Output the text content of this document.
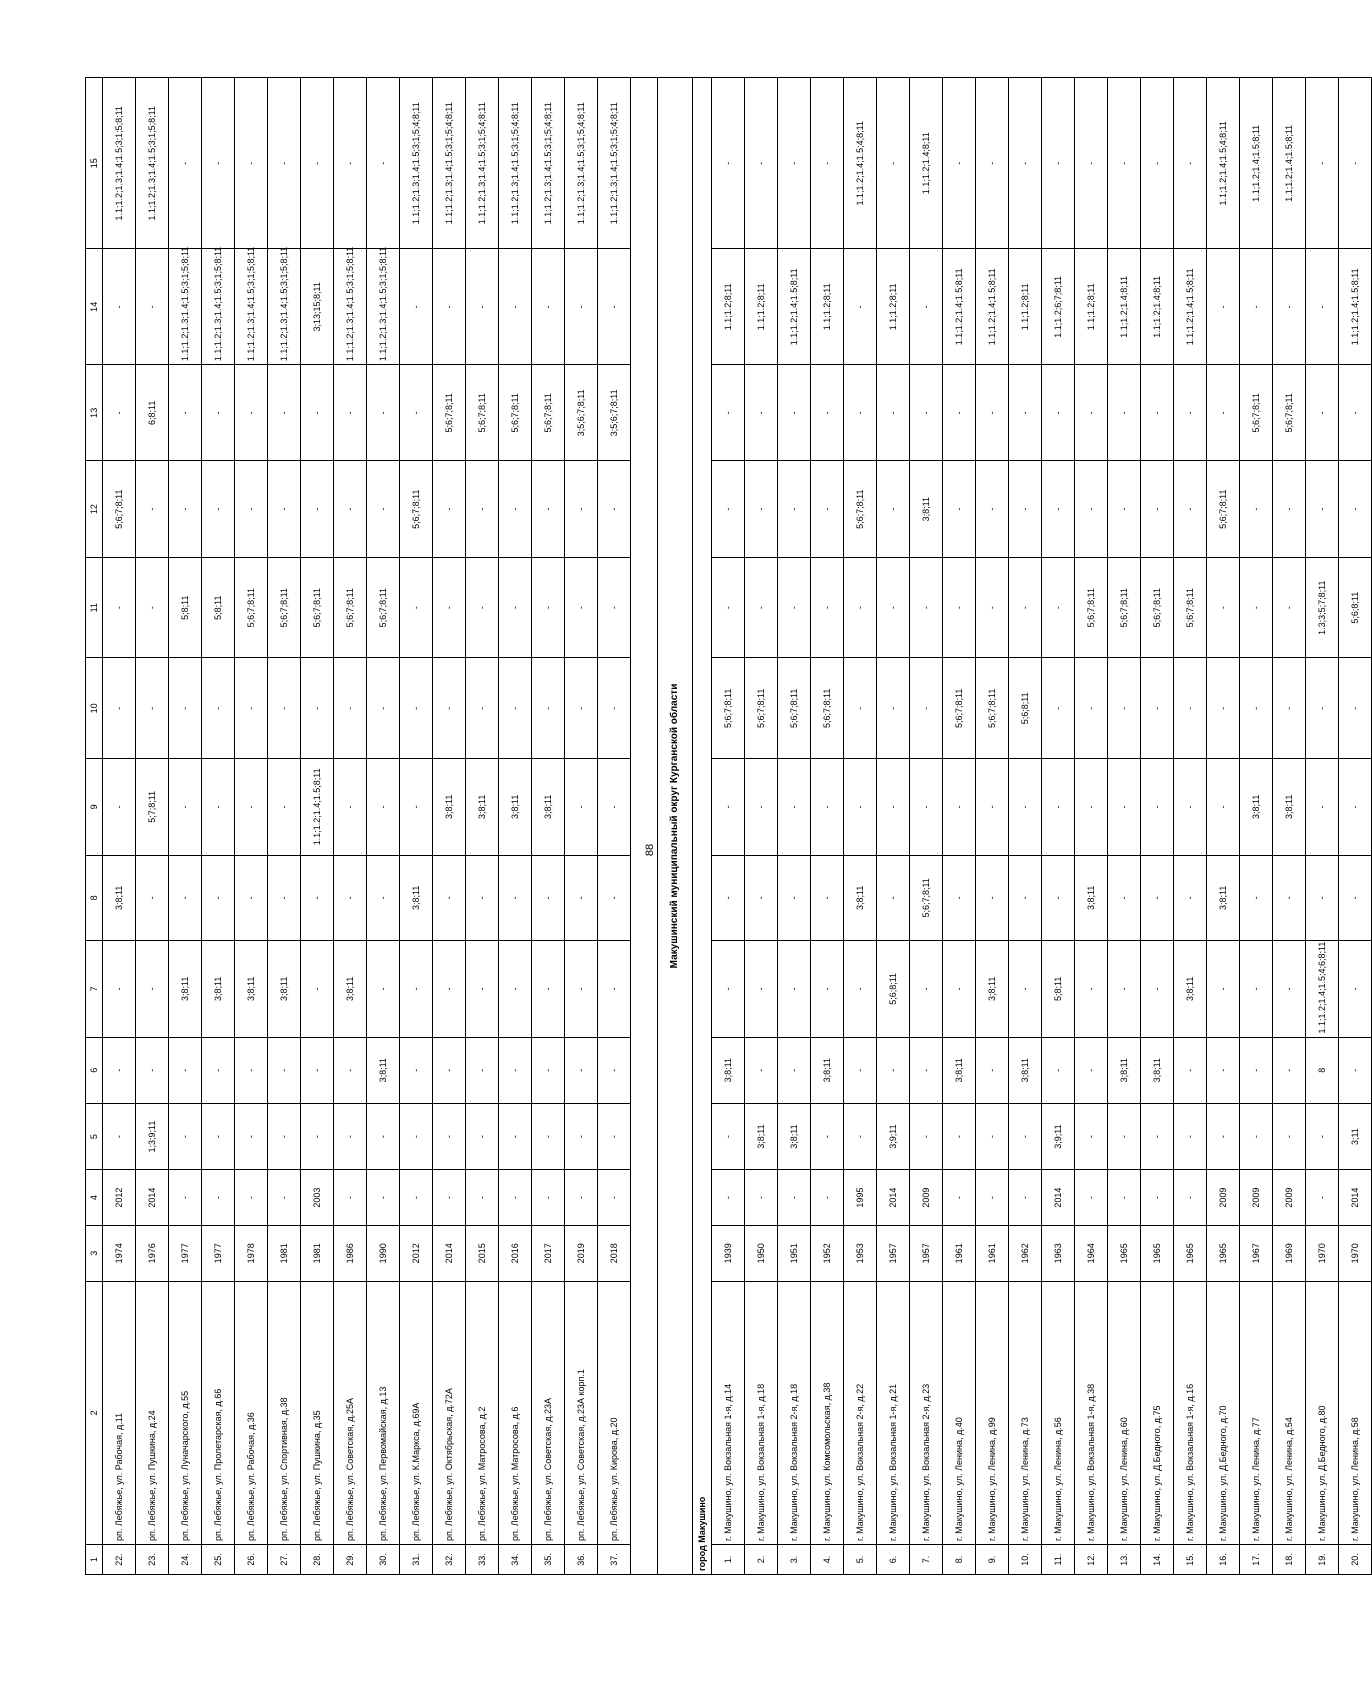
88
1	2	3	4	5	6	7	8	9	10	11	12	13	14	15
22.	рп. Лебяжье, ул. Рабочая, д.11	1974	2012	-	-	-	3;8;11	-	-	-	5;6;7;8;11	-	-	1.1;1.2;1.3;1.4;1.5;3;1;5;8;11
23.	рп. Лебяжье, ул. Пушкина, д.24	1976	2014	1;3;9;11	-	-	-	5;7;8;11	-	-	-	6;8;11	-	1.1;1.2;1.3;1.4;1.5;3;1;5;8;11
24.	рп. Лебяжье, ул. Луначарского, д.55	1977	-	-	-	3;8;11	-	-	-	5;8;11	-	-	1.1;1.2;1.3;1.4;1.5;3;1;5;8;11	-
25.	рп. Лебяжье, ул. Пролетарская, д.66	1977	-	-	-	3;8;11	-	-	-	5;8;11	-	-	1.1;1.2;1.3;1.4;1.5;3;1;5;8;11	-
26.	рп. Лебяжье, ул. Рабочая, д.36	1978	-	-	-	3;8;11	-	-	-	5;6;7;8;11	-	-	1.1;1.2;1.3;1.4;1.5;3;1;5;8;11	-
27.	рп. Лебяжье, ул. Спортивная, д.38	1981	-	-	-	3;8;11	-	-	-	5;6;7;8;11	-	-	1.1;1.2;1.3;1.4;1.5;3;1;5;8;11	-
28.	рп. Лебяжье, ул. Пушкина, д.35	1981	2003	-	-	-	-	1.1;1.2;1.4;1.5;8;11	-	5;6;7;8;11	-	-	3;13;15;8;11	-
29.	рп. Лебяжье, ул. Советская, д.25А	1986	-	-	-	3;8;11	-	-	-	5;6;7;8;11	-	-	1.1;1.2;1.3;1.4;1.5;3;1;5;8;11	-
30.	рп. Лебяжье, ул. Первомайская, д.13	1990	-	-	3;8;11	-	-	-	-	5;6;7;8;11	-	-	1.1;1.2;1.3;1.4;1.5;3;1;5;8;11	-
31.	рп. Лебяжье, ул. К.Маркса, д.69А	2012	-	-	-	-	3;8;11	-	-	-	5;6;7;8;11	-	-	1.1;1.2;1.3;1.4;1.5;3;1;5;4;8;11
32.	рп. Лебяжье, ул. Октябрьская, д.72А	2014	-	-	-	-	-	3;8;11	-	-	-	5;6;7;8;11	-	1.1;1.2;1.3;1.4;1.5;3;1;5;4;8;11
33.	рп. Лебяжье, ул. Матросова, д.2	2015	-	-	-	-	-	3;8;11	-	-	-	5;6;7;8;11	-	1.1;1.2;1.3;1.4;1.5;3;1;5;4;8;11
34.	рп. Лебяжье, ул. Матросова, д.6	2016	-	-	-	-	-	3;8;11	-	-	-	5;6;7;8;11	-	1.1;1.2;1.3;1.4;1.5;3;1;5;4;8;11
35.	рп. Лебяжье, ул. Советская, д.23А	2017	-	-	-	-	-	3;8;11	-	-	-	5;6;7;8;11	-	1.1;1.2;1.3;1.4;1.5;3;1;5;4;8;11
36.	рп. Лебяжье, ул. Советская, д.23А корп.1	2019	-	-	-	-	-	-	-	-	-	3;5;6;7;8;11	-	1.1;1.2;1.3;1.4;1.5;3;1;5;4;8;11
37.	рп. Лебяжье, ул. Кирова, д.20	2018	-	-	-	-	-	-	-	-	-	3;5;6;7;8;11	-	1.1;1.2;1.3;1.4;1.5;3;1;5;4;8;11

Макушинский муниципальный округ Курганской области														
город Макушино														
1.	г. Макушино, ул. Вокзальная 1-я, д.14	1939	-	-	3;8;11	-	-	-	5;6;7;8;11	-	-	-	1.1;1.2;8;11	-
2.	г. Макушино, ул. Вокзальная 1-я, д.18	1950	-	3;8;11	-	-	-	-	5;6;7;8;11	-	-	-	1.1;1.2;8;11	-
3.	г. Макушино, ул. Вокзальная 2-я, д.18	1951	-	3;8;11	-	-	-	-	5;6;7;8;11	-	-	-	1.1;1.2;1.4;1.5;8;11	-
4.	г. Макушино, ул. Комсомольская, д.38	1952	-	-	3;8;11	-	-	-	5;6;7;8;11	-	-	-	1.1;1.2;8;11	-
5.	г. Макушино, ул. Вокзальная 2-я, д.22	1953	1995	-	-	-	3;8;11	-	-	-	5;6;7;8;11	-	-	1.1;1.2;1.4;1.5;4;8;11
6.	г. Макушино, ул. Вокзальная 1-я, д.21	1957	2014	3;9;11	-	5;6;8;11	-	-	-	-	-	-	1.1;1.2;8;11	-
7.	г. Макушино, ул. Вокзальная 2-я, д.23	1957	2009	-	-	-	5;6;7;8;11	-	-	-	3;8;11	-	-	1.1;1.2;1.4;8;11
8.	г. Макушино, ул. Ленина, д.40	1961	-	-	3;8;11	-	-	-	5;6;7;8;11	-	-	-	1.1;1.2;1.4;1.5;8;11	-
9.	г. Макушино, ул. Ленина, д.99	1961	-	-	-	3;8;11	-	-	5;6;7;8;11	-	-	-	1.1;1.2;1.4;1.5;8;11	-
10.	г. Макушино, ул. Ленина, д.73	1962	-	-	3;8;11	-	-	-	5;6;8;11	-	-	-	1.1;1.2;8;11	-
11.	г. Макушино, ул. Ленина, д.56	1963	2014	3;9;11	-	5;8;11	-	-	-	-	-	-	1.1;1.2;6;7;8;11	-
12.	г. Макушино, ул. Вокзальная 1-я, д.38	1964	-	-	-	-	3;8;11	-	-	5;6;7;8;11	-	-	1.1;1.2;8;11	-
13.	г. Макушино, ул. Ленина, д.60	1965	-	-	3;8;11	-	-	-	-	5;6;7;8;11	-	-	1.1;1.2;1.4;8;11	-
14.	г. Макушино, ул. Д.Бедного, д.75	1965	-	-	3;8;11	-	-	-	-	5;6;7;8;11	-	-	1.1;1.2;1.4;8;11	-
15.	г. Макушино, ул. Вокзальная 1-я, д.16	1965	-	-	-	3;8;11	-	-	-	5;6;7;8;11	-	-	1.1;1.2;1.4;1.5;8;11	-
16.	г. Макушино, ул. Д.Бедного, д.70	1965	2009	-	-	-	3;8;11	-	-	-	5;6;7;8;11	-	-	1.1;1.2;1.4;1.5;4;8;11
17.	г. Макушино, ул. Ленина, д.77	1967	2009	-	-	-	-	3;8;11	-	-	-	5;6;7;8;11	-	1.1;1.2;1.4;1.5;8;11
18.	г. Макушино, ул. Ленина, д.54	1969	2009	-	-	-	-	3;8;11	-	-	-	5;6;7;8;11	-	1.1;1.2;1.4;1.5;8;11
19.	г. Макушино, ул. Д.Бедного, д.80	1970	-	-	8	1.1;1.2;1.4;1.5;4;6;8;11	-	-	-	1.3;3;5;7;8;11	-	-	-	-
20.	г. Макушино, ул. Ленина, д.58	1970	2014	3;11	-	-	-	-	-	5;6;8;11	-	-	1.1;1.2;1.4;1.5;8;11	-
